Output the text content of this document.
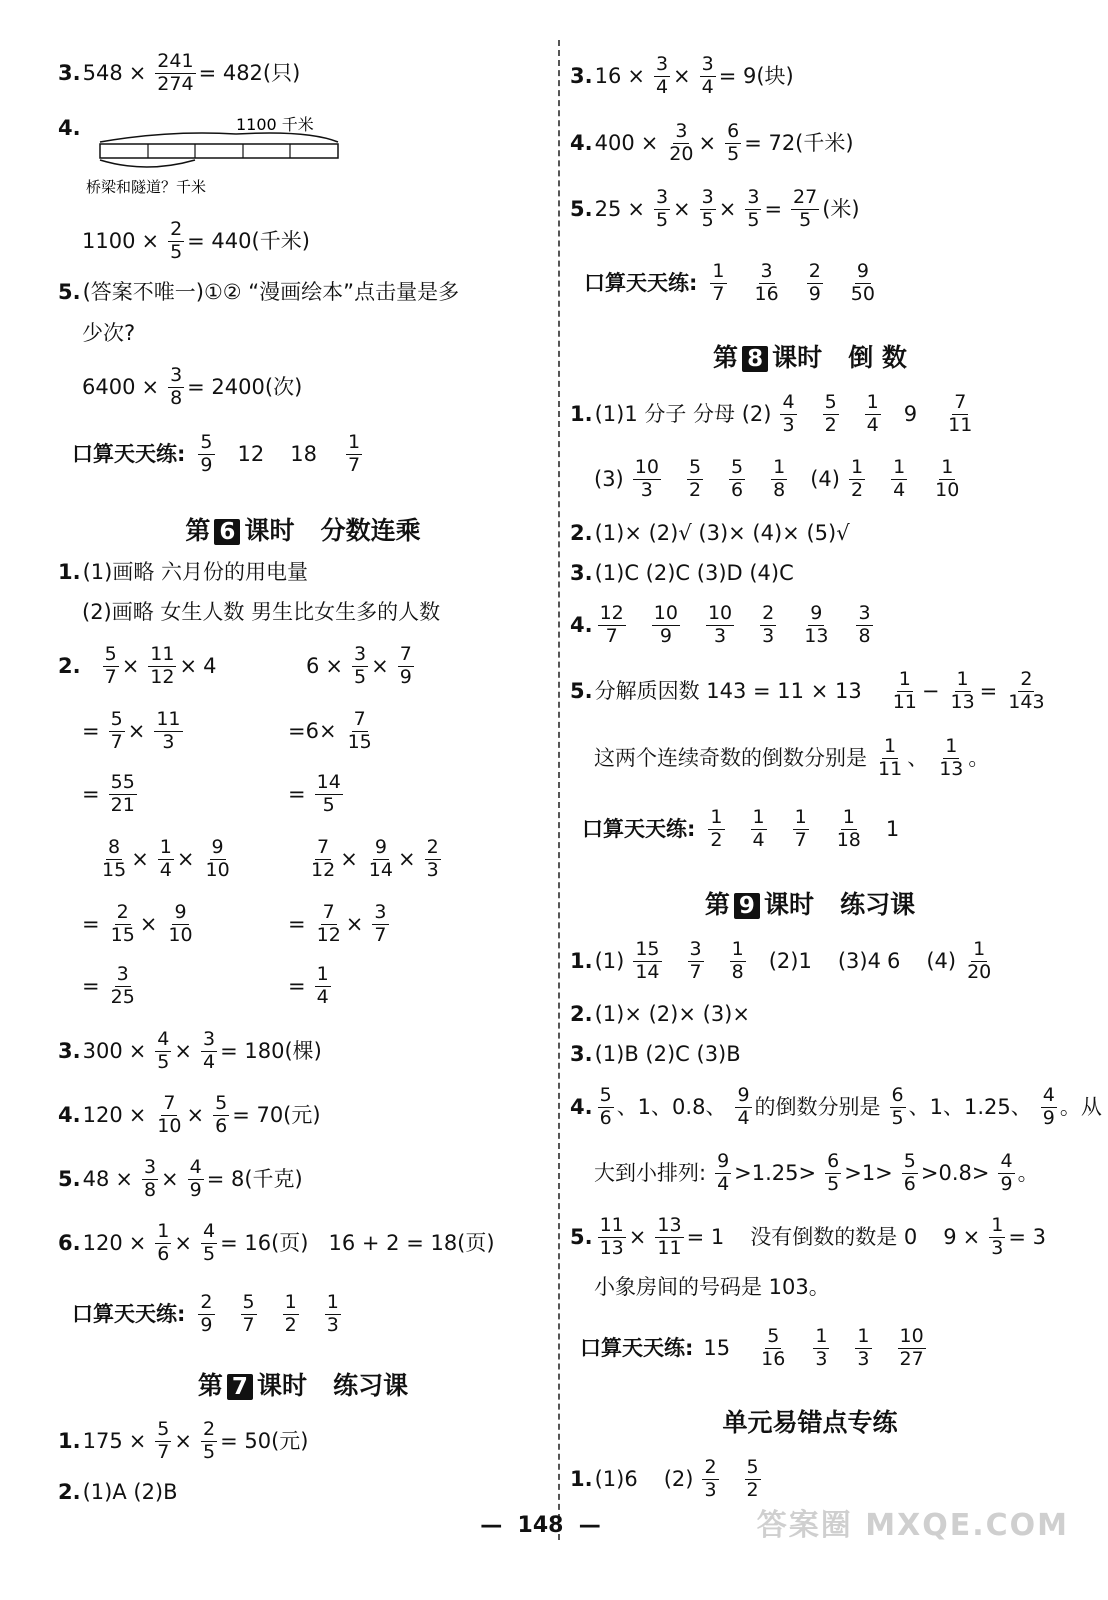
3. $548 \times \frac{241}{274} = 482$(只)
4.	1100 千米
桥梁和隧道？千米
$1100 \times \frac{2}{5} = 440$(千米)
5. (答案不唯一)①② “漫画绘本”点击量是多
少次?
$6400 \times \frac{3}{8} = 2400$(次)
口算天天练: 5
9 12 18 1
7
第 6 课时 分数连乘
1. (1)画略 六月份的用电量
(2)画略 女生人数 男生比女生多的人数
2. $\frac{5}{7} \times \frac{11}{12} \times 4$
= $\frac{5}{7} \times \frac{11}{3}$
= $\frac{55}{21}$
$\frac{8}{15} \times \frac{1}{4} \times \frac{9}{10}$
= $\frac{2}{15} \times \frac{9}{10}$
= $\frac{3}{25}$
$6 \times \frac{3}{5} \times \frac{7}{9}$
$=6\times \frac{7}{15}$
= $\frac{14}{5}$
$\frac{7}{12} \times \frac{9}{14} \times \frac{2}{3}$
= $\frac{7}{12} \times \frac{3}{7}$
= $\frac{1}{4}$
3. $300 \times \frac{4}{5} \times \frac{3}{4} = 180$(棵)
4. $120 \times \frac{7}{10} \times \frac{5}{6} = 70$(元)
5. $48 \times \frac{3}{8} \times \frac{4}{9} = 8$(千克)
6. $120 \times \frac{1}{6} \times \frac{4}{5} = 16$(页) 16 + 2 = 18(页)
口算天天练: 2
9
5
7
1
2
1
3
第 7 课时 练习课
1. $175 \times \frac{5}{7} \times \frac{2}{5} = 50$(元)
2. (1)A (2)B
3. $16 \times \frac{3}{4} \times \frac{3}{4} = 9$(块)
4. $400 \times \frac{3}{20} \times \frac{6}{5} = 72$(千米)
5. $25 \times \frac{3}{5} \times \frac{3}{5} \times \frac{3}{5} = \frac{27}{5}$ (米)
口算天天练: 1
7
3
16
2
9
9
50
第 8 课时 倒 数
1. (1)1 分子 分母 (2) 4
3
5
2
1
4 9 7
11
(3) 10
3
5
2
5
6
1
8 (4) 1
2
1
4
1
10
2. (1)× (2)√ (3)× (4)× (5)√
3. (1)C (2)C (3)D (4)C
4. 12
7
10
9
10
3
2
3
9
13
3
8
5. 分解质因数 143 = 11 × 13 1
$11 - \frac{1}{13} = \frac{2}{143}$
这两个连续奇数的倒数分别是 1
11 、 1
13 。
口算天天练: 1
2
1
4
1
7
1
18 1
第 9 课时 练习课
1. (1) 15
14
3
7
1
8 (2)1 (3)4 6 (4) 1
20
2. (1)× (2)× (3)×
3. (1)B (2)C (3)B
4. 5
6 、1、0.8、 9
4 的倒数分别是 6
5 、1、1.25、 4
9 。从
大到小排列: 9
4 >1.25> 6
5 >1> 5
6 >0.8> 4
9 。
5. $\frac{11}{13} \times \frac{13}{11} = 1$ 没有倒数的数是 0 $9 \times \frac{1}{3} = 3$
小象房间的号码是 103。
口算天天练: 15 5
16
1
3
1
3
10
27
单元易错点专练
1. (1)6 (2) 2
3
5
2
— 148 —	答案圈 MXQE.COM
